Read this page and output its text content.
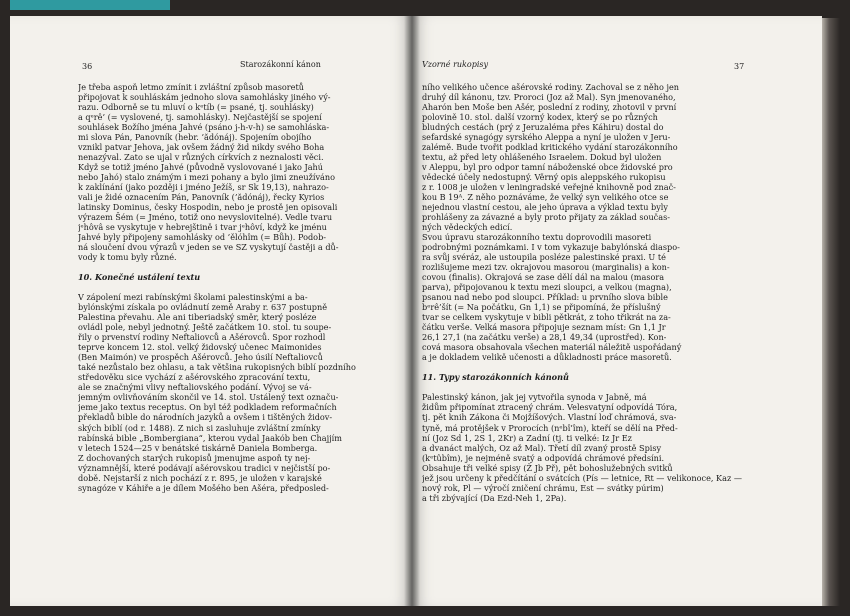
36	Starozákonní kánon
Je třeba aspoň letmo zmínit i zvláštní způsob masoretů
připojovat k souhláskám jednoho slova samohlásky jiného vý-
razu. Odborně se tu mluví o kᵉtíb (= psané, tj. souhlásky)
a qᵉrê’ (= vyslovené, tj. samohlásky). Nejčastější se spojení
souhlásek Božího jména Jahvé (psáno j-h-v-h) se samohláska-
mi slova Pán, Panovník (hebr. ’ădónáj). Spojením obojího
vznikl patvar Jehova, jak ovšem žádný žid nikdy svého Boha
nenazýval. Zato se ujal v různých církvích z neznalosti věci.
Když se totiž jméno Jahvé (původně vyslovované i jako Jahú
nebo Jahó) stalo známým i mezi pohany a bylo jimi zneužíváno
k zaklínání (jako později i jméno Ježíš, sr Sk 19,13), nahrazo-
vali je židé oznacením Pán, Panovník (’ădónáj), řecky Kyrios
latinsky Dominus, česky Hospodin, nebo je prostě jen opisovali
výrazem Šém (= Jméno, totiž ono nevyslovitelné). Vedle tvaru
jᵉhôvâ se vyskytuje v hebrejštině i tvar jᵉhôví, když ke jménu
Jahvé byly připojeny samohlásky od ’ělóhîm (= Bůh). Podob-
ná sloučení dvou výrazů v jeden se ve SZ vyskytují častěji a dů-
vody k tomu byly různé.
10. Konečné ustálení textu
V zápolení mezi rabínskými školami palestinskými a ba-
bylónskými získala po ovládnutí země Araby r. 637 postupně
Palestina převahu. Ale ani tiberiadský směr, který posléze
ovládl pole, nebyl jednotný. Ještě začátkem 10. stol. tu soupe-
řily o prvenství rodiny Neftaliovců a Ašérovců. Spor rozhodl
teprve koncem 12. stol. velký židovský učenec Maimonides
(Ben Maimón) ve prospěch Ašérovců. Jeho úsilí Neftaliovců
také nezůstalo bez ohlasu, a tak většina rukopisných biblí pozdního
středověku sice vychází z ašérovského zpracování textu,
ale se značnými vlivy neftaliovského podání. Vývoj se vá-
jemným ovlivňováním skončil ve 14. stol. Ustálený text označu-
jeme jako textus receptus. On byl též podkladem reformačních
překladů bible do národních jazyků a ovšem i tištěných židov-
ských biblí (od r. 1488). Z nich si zasluhuje zvláštní zmínky
rabínská bible „Bombergiana“, kterou vydal Jaakób ben Chajjím
v letech 1524—25 v benátské tiskárně Daniela Bomberga.
Z dochovaných starých rukopisů jmenujme aspoň ty nej-
významnější, které podávají ašérovskou tradici v nejčistší po-
době. Nejstarší z nich pochází z r. 895, je uložen v karajské
synagóze v Káhiře a je dílem Mošého ben Ašéra, předposled-
Vzorné rukopisy	37
ního velikého učence ašérovské rodiny. Zachoval se z něho jen
druhý díl kánonu, tzv. Proroci (Joz až Mal). Syn jmenovaného,
Aharón ben Moše ben Ašér, poslední z rodiny, zhotovil v první
polovině 10. stol. další vzorný kodex, který se po různých
bludných cestách (prý z Jeruzaléma přes Káhiru) dostal do
sefardské synagógy syrského Aleppa a nyní je uložen v Jeru-
zalémě. Bude tvořit podklad kritického vydání starozákonního
textu, až před lety ohlášeného Israelem. Dokud byl uložen
v Aleppu, byl pro odpor tamní náboženské obce židovské pro
vědecké účely nedostupný. Věrný opis aleppského rukopisu
z r. 1008 je uložen v leningradské veřejné knihovně pod znač-
kou B 19ᴬ. Z něho poznáváme, že velký syn velikého otce se
nejednou vlastní cestou, ale jeho úprava a výklad textu byly
prohlášeny za závazné a byly proto přijaty za základ součas-
ných vědeckých edicí.
Svou úpravu starozákonního textu doprovodili masoreti
podrobnými poznámkami. I v tom vykazuje babylónská diaspo-
ra svůj svéráz, ale ustoupila posléze palestinské praxi. U té
rozlišujeme mezi tzv. okrajovou masorou (marginalis) a kon-
covou (finalis). Okrajová se zase dělí dál na malou (masora
parva), připojovanou k textu mezi sloupci, a velkou (magna),
psanou nad nebo pod sloupci. Příklad: u prvního slova bible
bᵉrê’šít (= Na počátku, Gn 1,1) se připomíná, že příslušný
tvar se celkem vyskytuje v bibli pětkrát, z toho třikrát na za-
čátku verše. Velká masora připojuje seznam míst: Gn 1,1 Jr
26,1 27,1 (na začátku verše) a 28,1 49,34 (uprostřed). Kon-
cová masora obsahovala všechen materiál náležitě uspořádaný
a je dokladem velikě učenosti a důkladnosti práce masoretů.
11. Typy starozákonních kánonů
Palestinský kánon, jak jej vytvořila synoda v Jabně, má
židům připomínat ztracený chrám. Velesvatyní odpovídá Tóra,
tj. pět knih Zákona či Mojžíšových. Vlastní loď chrámová, sva-
tyně, má protějšek v Prorocích (nᵉbî’îm), kteří se dělí na Před-
ní (Joz Sd 1, 2S 1, 2Kr) a Zadní (tj. ti velké: Iz Jr Ez
a dvanáct malých, Oz až Mal). Třetí díl zvaný prostě Spisy
(kᵉtûbîm), je nejméně svatý a odpovídá chrámové předsíni.
Obsahuje tři velké spisy (Ž Jb Př), pět bohoslužebných svitků
jež jsou určeny k předčítání o svátcích (Pís — letnice, Rt — velikonoce, Kaz —
nový rok, Pl — výročí zničení chrámu, Est — svátky púrim)
a tři zbývající (Da Ezd-Neh 1, 2Pa).
